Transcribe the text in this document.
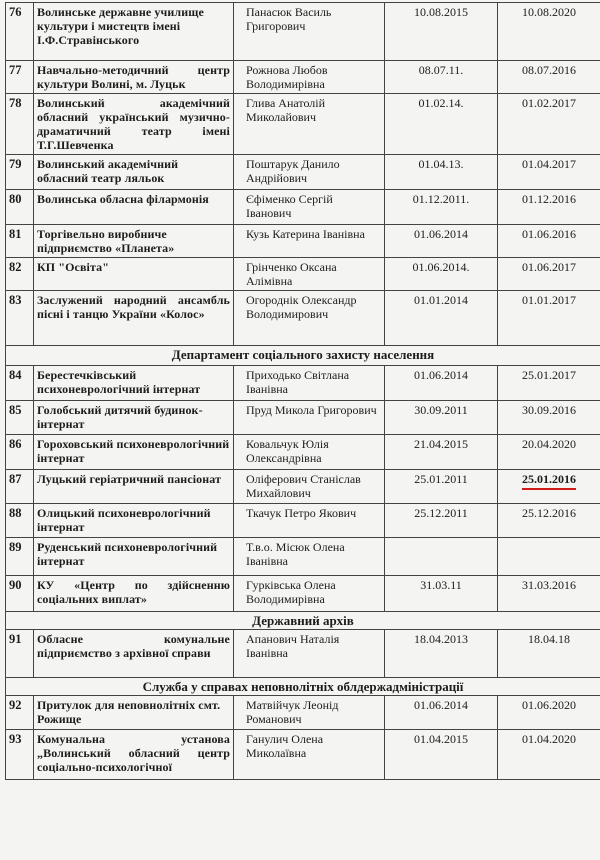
76	Волинське державне училище культури і мистецтв імені І.Ф.Стравінського	Панасюк Василь Григорович	10.08.2015	10.08.2020
77	Навчально-методичний центр культури Волині, м. Луцьк	Рожнова Любов Володимирівна	08.07.11.	08.07.2016
78	Волинський академічний обласний український музично-драматичний театр імені Т.Г.Шевченка	Глива Анатолій Миколайович	01.02.14.	01.02.2017
79	Волинський академічний обласний театр ляльок	Поштарук Данило Андрійович	01.04.13.	01.04.2017
80	Волинська обласна філармонія	Єфіменко Сергій Іванович	01.12.2011.	01.12.2016
81	Торгівельно виробниче підприємство «Планета»	Кузь Катерина Іванівна	01.06.2014	01.06.2016
82	КП "Освіта"	Грінченко Оксана Алімівна	01.06.2014.	01.06.2017
83	Заслужений народний ансамбль пісні і танцю України «Колос»	Огороднік Олександр Володимирович	01.01.2014	01.01.2017
Департамент соціального захисту населення				
84	Берестечківський психоневрологічний інтернат	Приходько Світлана Іванівна	01.06.2014	25.01.2017
85	Голобський дитячий будинок-інтернат	Пруд Микола Григорович	30.09.2011	30.09.2016
86	Гороховський психоневрологічний інтернат	Ковальчук Юлія Олександрівна	21.04.2015	20.04.2020
87	Луцький геріатричний пансіонат	Оліферович Станіслав Михайлович	25.01.2011	25.01.2016
88	Олицький психоневрологічний інтернат	Ткачук Петро Якович	25.12.2011	25.12.2016
89	Руденський психоневрологічний інтернат	Т.в.о. Місюк Олена Іванівна		
90	КУ «Центр по здійсненню соціальних виплат»	Гурківська Олена Володимирівна	31.03.11	31.03.2016
Державний архів				
91	Обласне комунальне підприємство з архівної справи	Апанович Наталія Іванівна	18.04.2013	18.04.18
Служба у справах неповнолітніх облдержадміністрації				
92	Притулок для неповнолітніх смт. Рожище	Матвійчук Леонід Романович	01.06.2014	01.06.2020
93	Комунальна установа „Волинський обласний центр соціально-психологічної	Ганулич Олена Миколаївна	01.04.2015	01.04.2020
